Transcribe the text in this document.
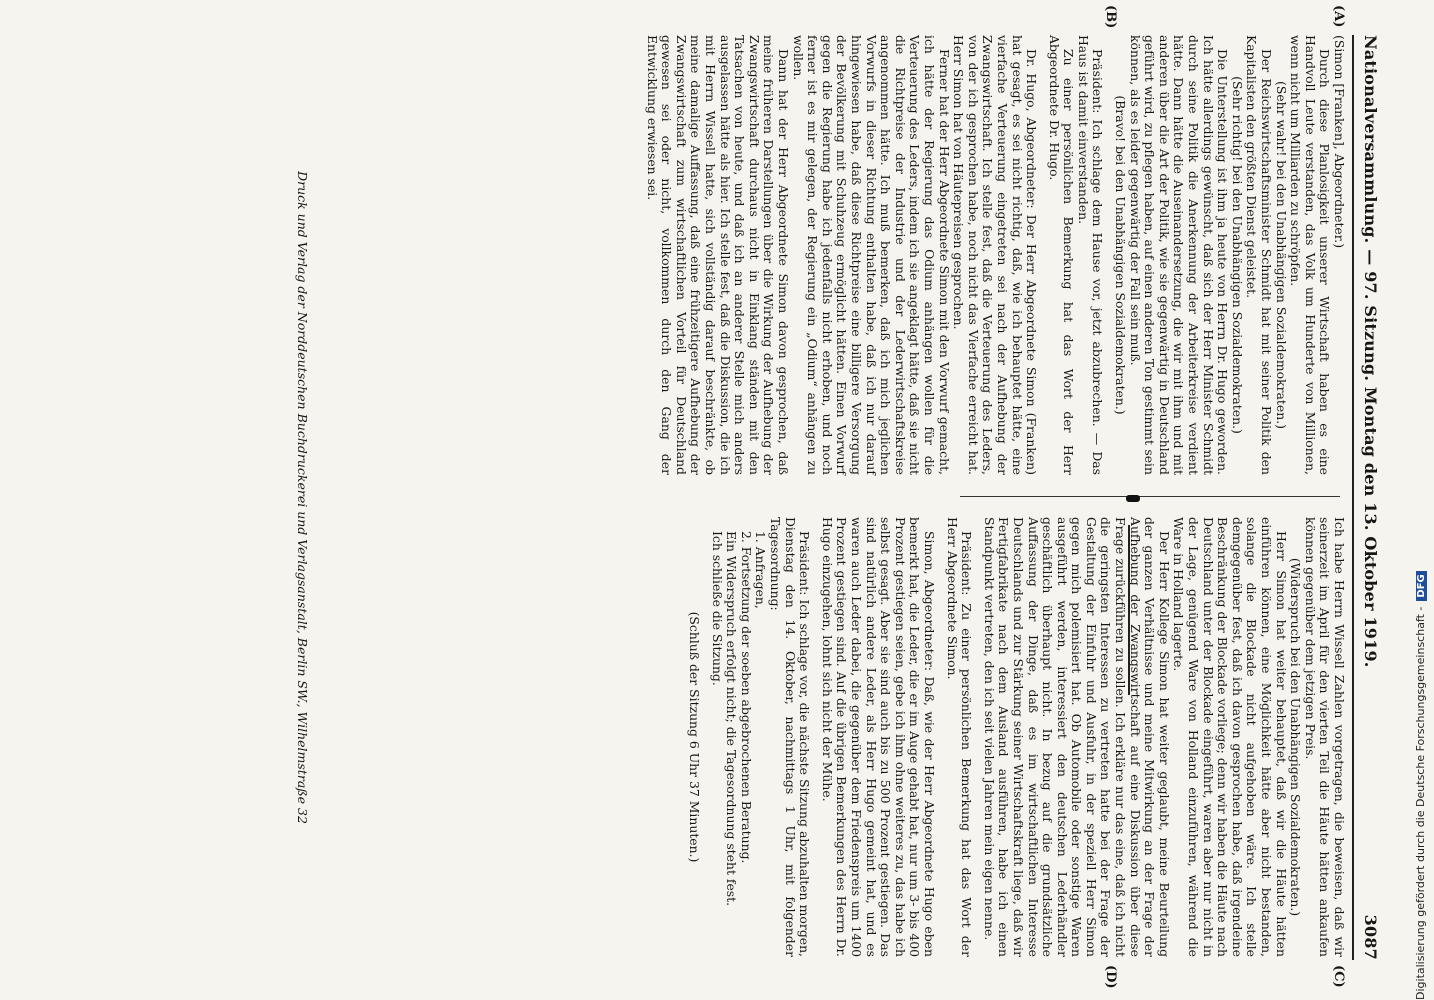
Nationalversammlung. — 97. Sitzung. Montag den 13. Oktober 1919.
3087
(A)
(B)
(C)
(D)

(Simon [Franken], Abgeordneter.)

Durch diese Planlosigkeit unserer Wirtschaft haben es eine Handvoll Leute verstanden, das Volk um Hunderte von Millionen, wenn nicht um Milliarden zu schröpfen.

(Sehr wahr! bei den Unabhängigen Sozialdemokraten.)

Der Reichswirtschaftsminister Schmidt hat mit seiner Politik den Kapitalisten den größten Dienst geleistet.

(Sehr richtig! bei den Unabhängigen Sozialdemokraten.)

Die Unterstellung ist ihm ja heute von Herrn Dr. Hugo geworden. Ich hätte allerdings gewünscht, daß sich der Herr Minister Schmidt durch seine Politik die Anerkennung der Arbeiterkreise verdient hätte. Dann hätte die Auseinandersetzung, die wir mit ihm und mit anderen über die Art der Politik, wie sie gegenwärtig in Deutschland geführt wird, zu pflegen haben, auf einen anderen Ton gestimmt sein können, als es leider gegenwärtig der Fall sein muß.

(Bravo! bei den Unabhängigen Sozialdemokraten.)

Präsident: Ich schlage dem Hause vor, jetzt abzubrechen. — Das Haus ist damit einverstanden.

Zu einer persönlichen Bemerkung hat das Wort der Herr Abgeordnete Dr. Hugo.

Dr. Hugo, Abgeordneter: Der Herr Abgeordnete Simon (Franken) hat gesagt, es sei nicht richtig, daß, wie ich behauptet hätte, eine vierfache Verteuerung eingetreten sei nach der Aufhebung der Zwangswirtschaft. Ich stelle fest, daß die Verteuerung des Leders, von der ich gesprochen habe, noch nicht das Vierfache erreicht hat. Herr Simon hat von Häutepreisen gesprochen.

Ferner hat der Herr Abgeordnete Simon mit den Vorwurf gemacht, ich hätte der Regierung das Odium anhängen wollen für die Verteuerung des Leders, indem ich sie angeklagt hätte, daß sie nicht die Richtpreise der Industrie und der Lederwirtschaftskreise angenommen hätte. Ich muß bemerken, daß ich mich jeglichen Vorwurfs in dieser Richtung enthalten habe, daß ich nur darauf hingewiesen habe, daß diese Richtpreise eine billigere Versorgung der Bevölkerung mit Schuhzeug ermöglicht hätten. Einen Vorwurf gegen die Regierung habe ich jedenfalls nicht erhoben, und noch ferner ist es mir gelegen, der Regierung ein „Odium“ anhängen zu wollen.

Dann hat der Herr Abgeordnete Simon davon gesprochen, daß meine früheren Darstellungen über die Wirkung der Aufhebung der Zwangswirtschaft durchaus nicht in Einklang ständen mit den Tatsachen von heute, und daß ich an anderer Stelle mich anders ausgelassen hätte als hier. Ich stelle fest, daß die Diskussion, die ich mit Herrn Wissell hatte, sich vollständig darauf beschränkte, ob meine damalige Auffassung, daß eine frühzeitigere Aufhebung der Zwangswirtschaft zum wirtschaftlichen Vorteil für Deutschland gewesen sei oder nicht, vollkommen durch den Gang der Entwicklung erwiesen sei.

Ich habe Herrn Wissell Zahlen vorgetragen, die beweisen, daß wir seinerzeit im April für den vierten Teil die Häute hätten ankaufen können gegenüber dem jetzigen Preis.

(Widerspruch bei den Unabhängigen Sozialdemokraten.)

Herr Simon hat weiter behauptet, daß wir die Häute hätten einführen können, eine Möglichkeit hätte aber nicht bestanden, solange die Blockade nicht aufgehoben wäre. Ich stelle demgegenüber fest, daß ich davon gesprochen habe, daß irgendeine Beschränkung der Blockade vorliege; denn wir haben die Häute nach Deutschland unter der Blockade eingeführt, waren aber nur nicht in der Lage, genügend Ware von Holland einzuführen, während die Ware in Holland lagerte.

Der Herr Kollege Simon hat weiter geglaubt, meine Beurteilung der ganzen Verhältnisse und meine Mitwirkung an der Frage der Aufhebung der Zwangswirtschaft auf eine Diskussion über diese Frage zurückführen zu sollen. Ich erkläre nur das eine, daß ich nicht die geringsten Interessen zu vertreten hatte bei der Frage der Gestaltung der Einfuhr und Ausfuhr, in der speziell Herr Simon gegen mich polemisiert hat. Ob Automobile oder sonstige Waren ausgeführt werden, interessiert den deutschen Lederhändler geschäftlich überhaupt nicht. In bezug auf die grundsätzliche Auffassung der Dinge, daß es im wirtschaftlichen Interesse Deutschlands und zur Stärkung seiner Wirtschaftskraft liege, daß wir Fertigfabrikate nach dem Ausland ausführen, habe ich einen Standpunkt vertreten, den ich seit vielen Jahren mein eigen nenne.

Präsident: Zu einer persönlichen Bemerkung hat das Wort der Herr Abgeordnete Simon.

Simon, Abgeordneter: Daß, wie der Herr Abgeordnete Hugo eben bemerkt hat, die Leder, die er im Auge gehabt hat, nur um 3- bis 400 Prozent gestiegen seien, gebe ich ihm ohne weiteres zu, das habe ich selbst gesagt. Aber sie sind auch bis zu 500 Prozent gestiegen. Das sind natürlich andere Leder, als Herr Hugo gemeint hat, und es waren auch Leder dabei, die gegenüber dem Friedenspreis um 1400 Prozent gestiegen sind. Auf die übrigen Bemerkungen des Herrn Dr. Hugo einzugehen, lohnt sich nicht der Mühe.

Präsident: Ich schlage vor, die nächste Sitzung abzuhalten morgen, Dienstag den 14. Oktober, nachmittags 1 Uhr, mit folgender Tagesordnung:

1. Anfragen,

2. Fortsetzung der soeben abgebrochenen Beratung.

Ein Widerspruch erfolgt nicht; die Tagesordnung steht fest.

Ich schließe die Sitzung.

(Schluß der Sitzung 6 Uhr 37 Minuten.)

Druck und Verlag der Norddeutschen Buchdruckerei und Verlagsanstalt, Berlin SW., Wilhelmstraße 32	Digitalisierung gefördert durch die Deutsche Forschungsgemeinschaft -DFG
